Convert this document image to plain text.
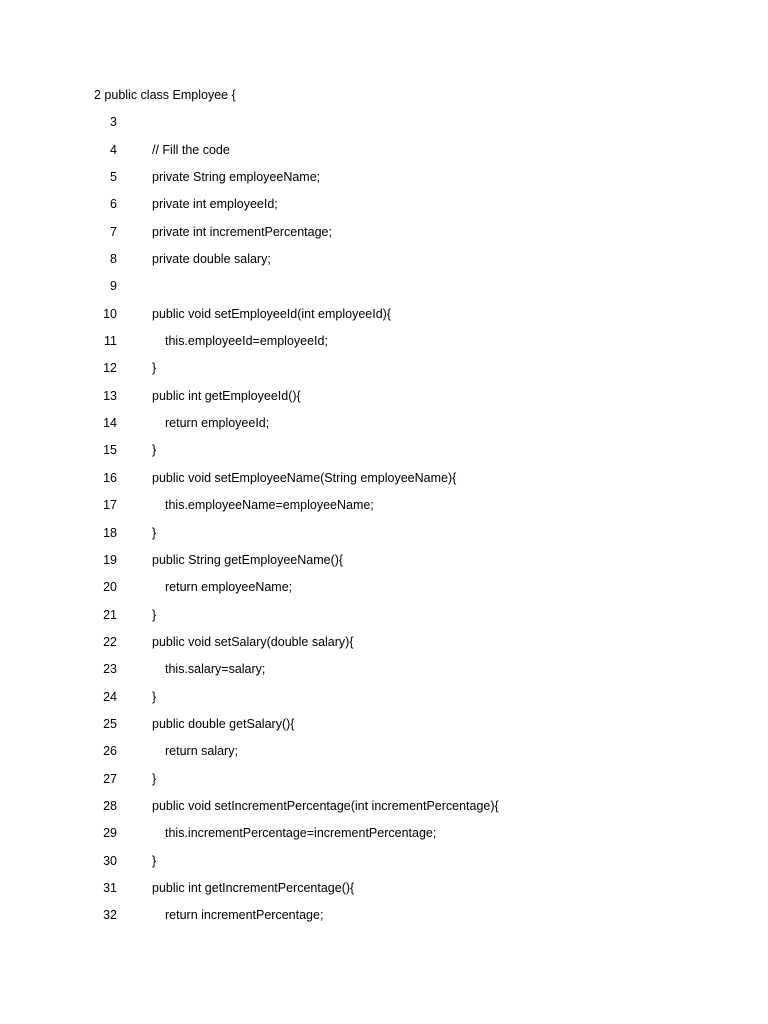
2 public class Employee {
3
4	// Fill the code
5	private String employeeName;
6	private int employeeId;
7	private int incrementPercentage;
8	private double salary;
9
10	public void setEmployeeId(int employeeId){
11	this.employeeId=employeeId;
12	}
13	public int getEmployeeId(){
14	return employeeId;
15	}
16	public void setEmployeeName(String employeeName){
17	this.employeeName=employeeName;
18	}
19	public String getEmployeeName(){
20	return employeeName;
21	}
22	public void setSalary(double salary){
23	this.salary=salary;
24	}
25	public double getSalary(){
26	return salary;
27	}
28	public void setIncrementPercentage(int incrementPercentage){
29	this.incrementPercentage=incrementPercentage;
30	}
31	public int getIncrementPercentage(){
32	return incrementPercentage;
